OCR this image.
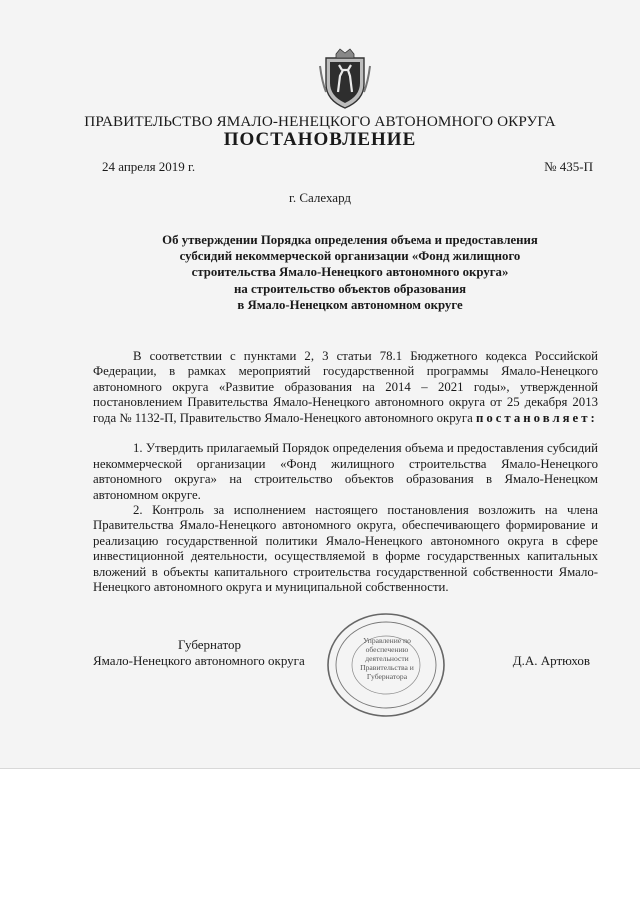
ПРАВИТЕЛЬСТВО ЯМАЛО-НЕНЕЦКОГО АВТОНОМНОГО ОКРУГА
ПОСТАНОВЛЕНИЕ
24 апреля 2019 г.	№ 435-П
г. Салехард
Об утверждении Порядка определения объема и предоставления
субсидий некоммерческой организации «Фонд жилищного
строительства Ямало-Ненецкого автономного округа»
на строительство объектов образования
в Ямало-Ненецком автономном округе

В соответствии с пунктами 2, 3 статьи 78.1 Бюджетного кодекса Российской Федерации, в рамках мероприятий государственной программы Ямало-Ненецкого автономного округа «Развитие образования на 2014 – 2021 годы», утвержденной постановлением Правительства Ямало-Ненецкого автономного округа от 25 декабря 2013 года № 1132-П, Правительство Ямало-Ненецкого автономного округа постановляет:

1. Утвердить прилагаемый Порядок определения объема и предоставления субсидий некоммерческой организации «Фонд жилищного строительства Ямало-Ненецкого автономного округа» на строительство объектов образования в Ямало-Ненецком автономном округе.

2. Контроль за исполнением настоящего постановления возложить на члена Правительства Ямало-Ненецкого автономного округа, обеспечивающего формирование и реализацию государственной политики Ямало-Ненецкого автономного округа в сфере инвестиционной деятельности, осуществляемой в форме государственных капитальных вложений в объекты капитального строительства государственной собственности Ямало-Ненецкого автономного округа и муниципальной собственности.

Губернатор
Ямало-Ненецкого автономного округа	Д.А. Артюхов
Управление по обеспечению деятельности Правительства и Губернатора
